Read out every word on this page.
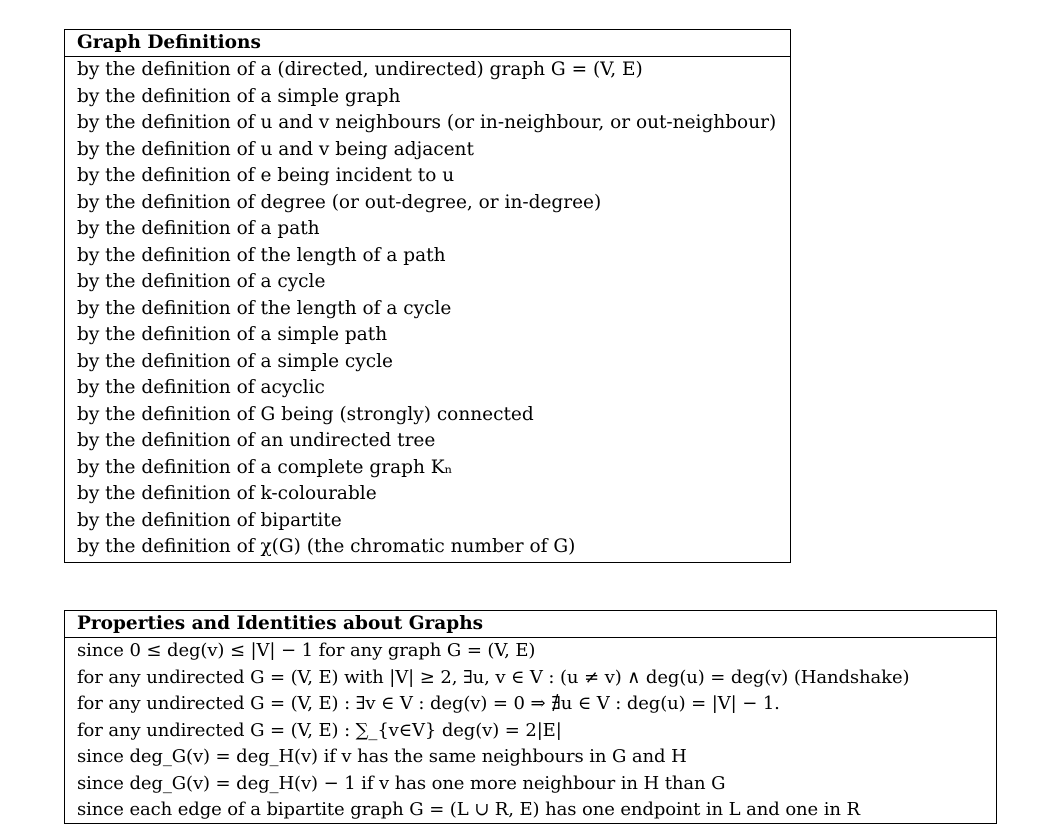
Graph Definitions
by the definition of a (directed, undirected) graph G = (V, E)
by the definition of a simple graph
by the definition of u and v neighbours (or in-neighbour, or out-neighbour)
by the definition of u and v being adjacent
by the definition of e being incident to u
by the definition of degree (or out-degree, or in-degree)
by the definition of a path
by the definition of the length of a path
by the definition of a cycle
by the definition of the length of a cycle
by the definition of a simple path
by the definition of a simple cycle
by the definition of acyclic
by the definition of G being (strongly) connected
by the definition of an undirected tree
by the definition of a complete graph Kₙ
by the definition of k-colourable
by the definition of bipartite
by the definition of χ(G) (the chromatic number of G)
Properties and Identities about Graphs
since 0 ≤ deg(v) ≤ |V| − 1 for any graph G = (V, E)
for any undirected G = (V, E) with |V| ≥ 2, ∃u, v ∈ V : (u ≠ v) ∧ deg(u) = deg(v) (Handshake)
for any undirected G = (V, E) : ∃v ∈ V : deg(v) = 0 ⇒ ∄u ∈ V : deg(u) = |V| − 1.
for any undirected G = (V, E) : ∑_{v∈V} deg(v) = 2|E|
since deg_G(v) = deg_H(v) if v has the same neighbours in G and H
since deg_G(v) = deg_H(v) − 1 if v has one more neighbour in H than G
since each edge of a bipartite graph G = (L ∪ R, E) has one endpoint in L and one in R
